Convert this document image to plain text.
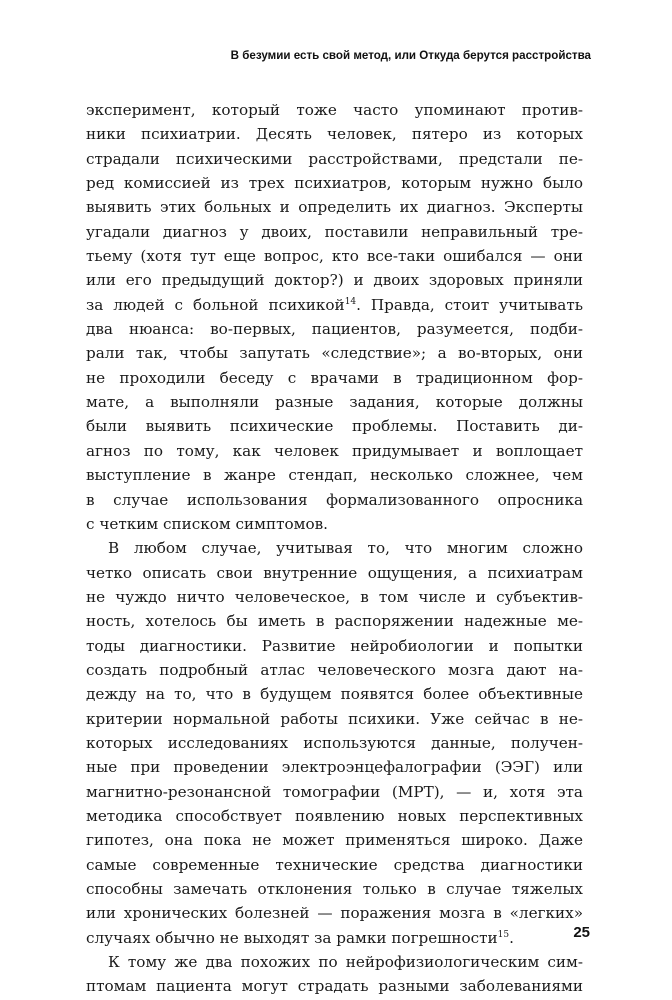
В безумии есть свой метод, или Откуда берутся расстройства
эксперимент, который тоже часто упоминают против-
ники психиатрии. Десять человек, пятеро из которых
страдали психическими расстройствами, предстали пе-
ред комиссией из трех психиатров, которым нужно было
выявить этих больных и определить их диагноз. Эксперты
угадали диагноз у двоих, поставили неправильный тре-
тьему (хотя тут еще вопрос, кто все-таки ошибался — они
или его предыдущий доктор?) и двоих здоровых приняли
за людей с больной психикой$^{14}$. Правда, стоит учитывать
два нюанса: во-первых, пациентов, разумеется, подби-
рали так, чтобы запутать «следствие»; а во-вторых, они
не проходили беседу с врачами в традиционном фор-
мате, а выполняли разные задания, которые должны
были выявить психические проблемы. Поставить ди-
агноз по тому, как человек придумывает и воплощает
выступление в жанре стендап, несколько сложнее, чем
в случае использования формализованного опросника
с четким списком симптомов.
В любом случае, учитывая то, что многим сложно
четко описать свои внутренние ощущения, а психиатрам
не чуждо ничто человеческое, в том числе и субъектив-
ность, хотелось бы иметь в распоряжении надежные ме-
тоды диагностики. Развитие нейробиологии и попытки
создать подробный атлас человеческого мозга дают на-
дежду на то, что в будущем появятся более объективные
критерии нормальной работы психики. Уже сейчас в не-
которых исследованиях используются данные, получен-
ные при проведении электроэнцефалографии (ЭЭГ) или
магнитно-резонансной томографии (МРТ), — и, хотя эта
методика способствует появлению новых перспективных
гипотез, она пока не может применяться широко. Даже
самые современные технические средства диагностики
способны замечать отклонения только в случае тяжелых
или хронических болезней — поражения мозга в «легких»
случаях обычно не выходят за рамки погрешности$^{15}$.
К тому же два похожих по нейрофизиологическим сим-
птомам пациента могут страдать разными заболеваниями
25
